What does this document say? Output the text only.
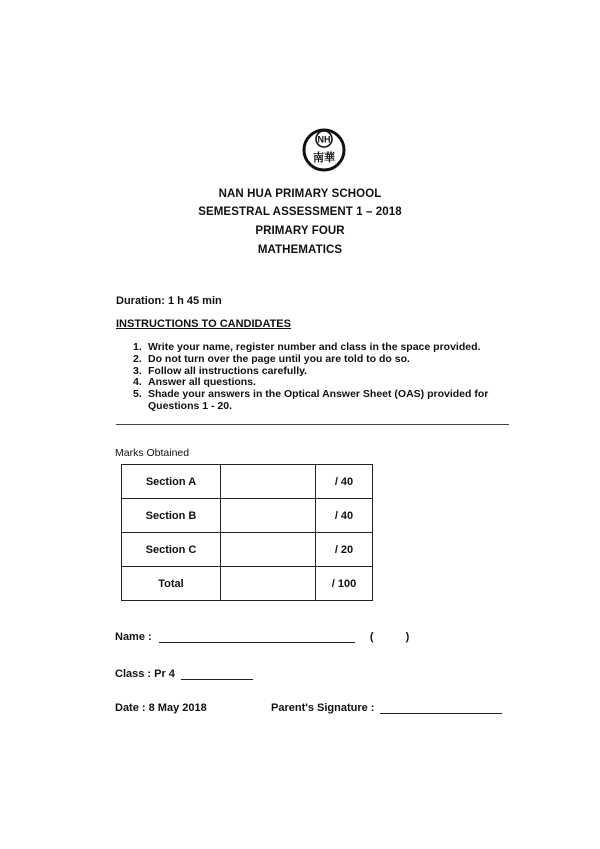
NH
南華
NAN HUA PRIMARY SCHOOL
SEMESTRAL ASSESSMENT 1 – 2018
PRIMARY FOUR
MATHEMATICS
Duration: 1 h 45 min
INSTRUCTIONS TO CANDIDATES
1. Write your name, register number and class in the space provided.
2. Do not turn over the page until you are told to do so.
3. Follow all instructions carefully.
4. Answer all questions.
5. Shade your answers in the Optical Answer Sheet (OAS) provided for Questions 1 - 20.
Marks Obtained
Section A		/ 40
Section B		/ 40
Section C		/ 20
Total		/ 100
Name :	(	)
Class : Pr 4
Date : 8 May 2018	Parent's Signature :
